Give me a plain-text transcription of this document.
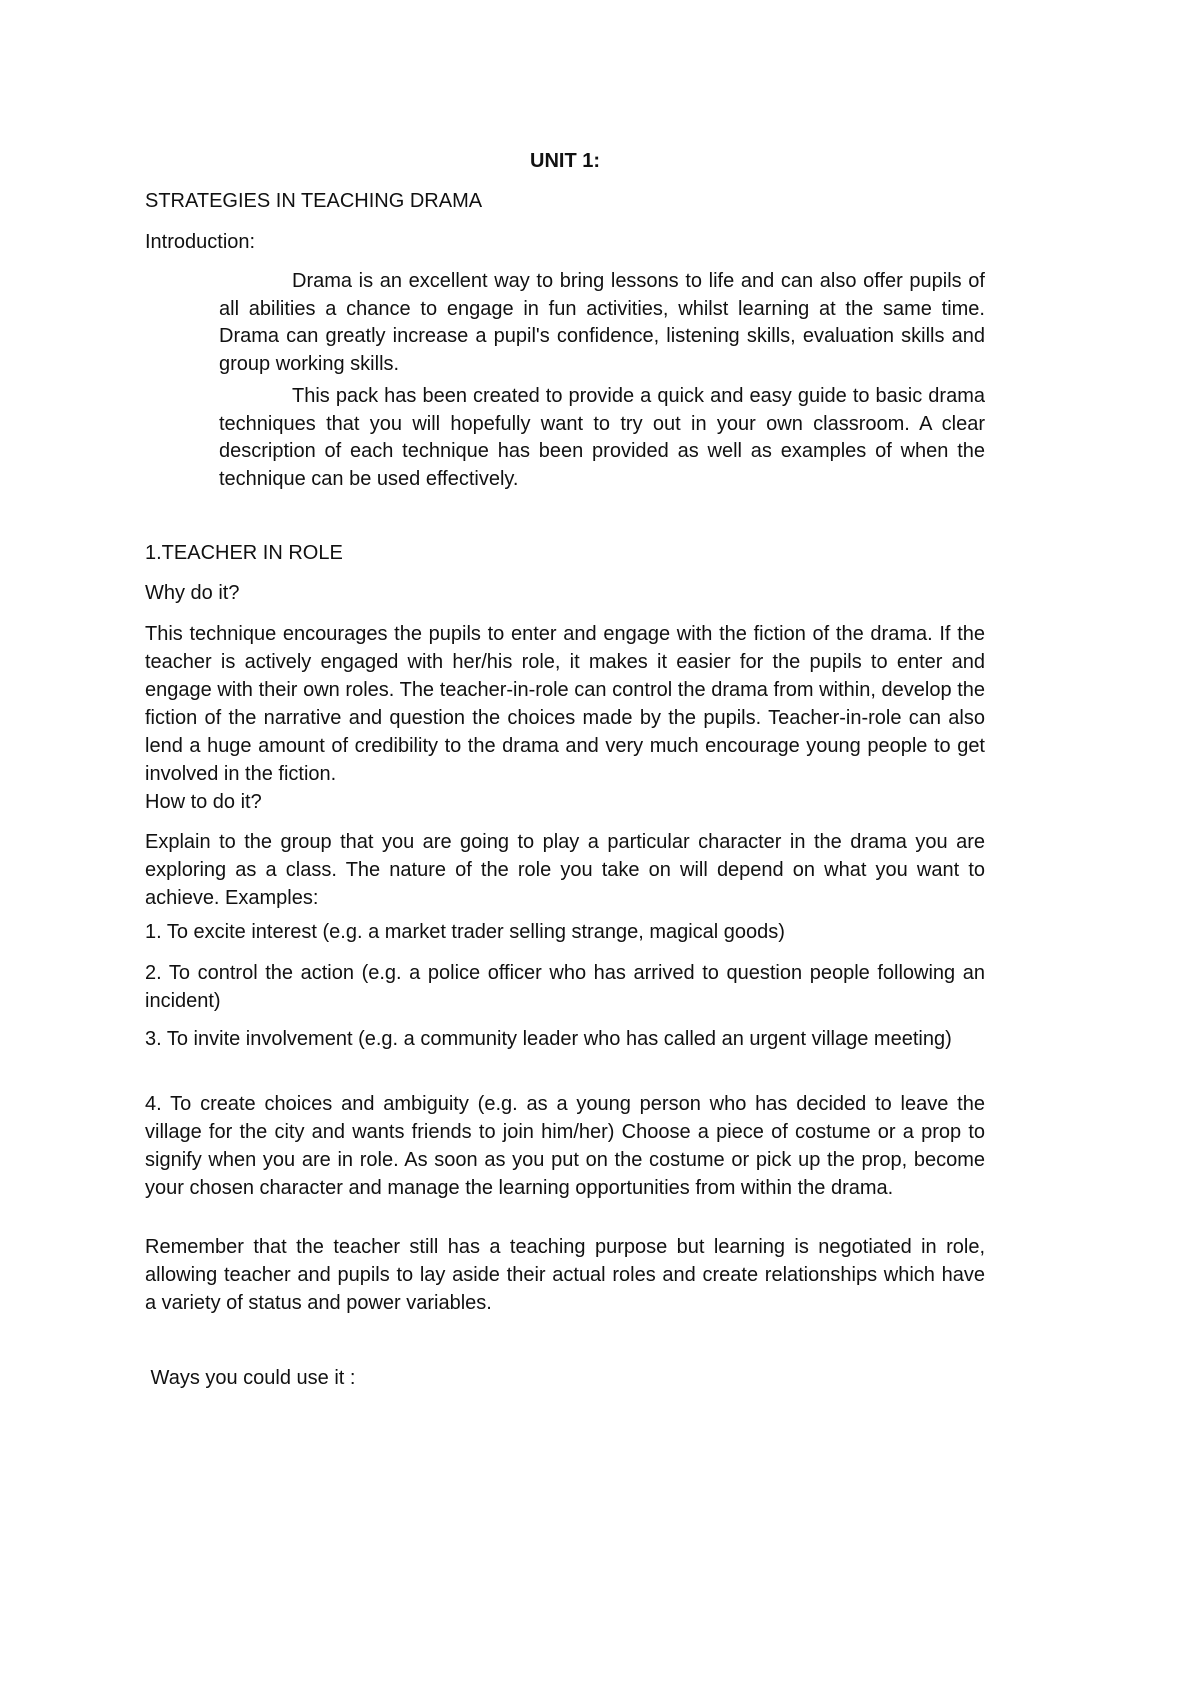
UNIT 1:
STRATEGIES IN TEACHING DRAMA
Introduction:
Drama is an excellent way to bring lessons to life and can also offer pupils of all abilities a chance to engage in fun activities, whilst learning at the same time. Drama can greatly increase a pupil's confidence, listening skills, evaluation skills and group working skills.
This pack has been created to provide a quick and easy guide to basic drama techniques that you will hopefully want to try out in your own classroom. A clear description of each technique has been provided as well as examples of when the technique can be used effectively.
1.TEACHER IN ROLE
Why do it?
This technique encourages the pupils to enter and engage with the fiction of the drama. If the teacher is actively engaged with her/his role, it makes it easier for the pupils to enter and engage with their own roles. The teacher-in-role can control the drama from within, develop the fiction of the narrative and question the choices made by the pupils. Teacher-in-role can also lend a huge amount of credibility to the drama and very much encourage young people to get involved in the fiction.
How to do it?
Explain to the group that you are going to play a particular character in the drama you are exploring as a class. The nature of the role you take on will depend on what you want to achieve. Examples:
1. To excite interest (e.g. a market trader selling strange, magical goods)
2. To control the action (e.g. a police officer who has arrived to question people following an incident)
3. To invite involvement (e.g. a community leader who has called an urgent village meeting)
4. To create choices and ambiguity (e.g. as a young person who has decided to leave the village for the city and wants friends to join him/her) Choose a piece of costume or a prop to signify when you are in role. As soon as you put on the costume or pick up the prop, become your chosen character and manage the learning opportunities from within the drama.
Remember that the teacher still has a teaching purpose but learning is negotiated in role, allowing teacher and pupils to lay aside their actual roles and create relationships which have a variety of status and power variables.
Ways you could use it :
